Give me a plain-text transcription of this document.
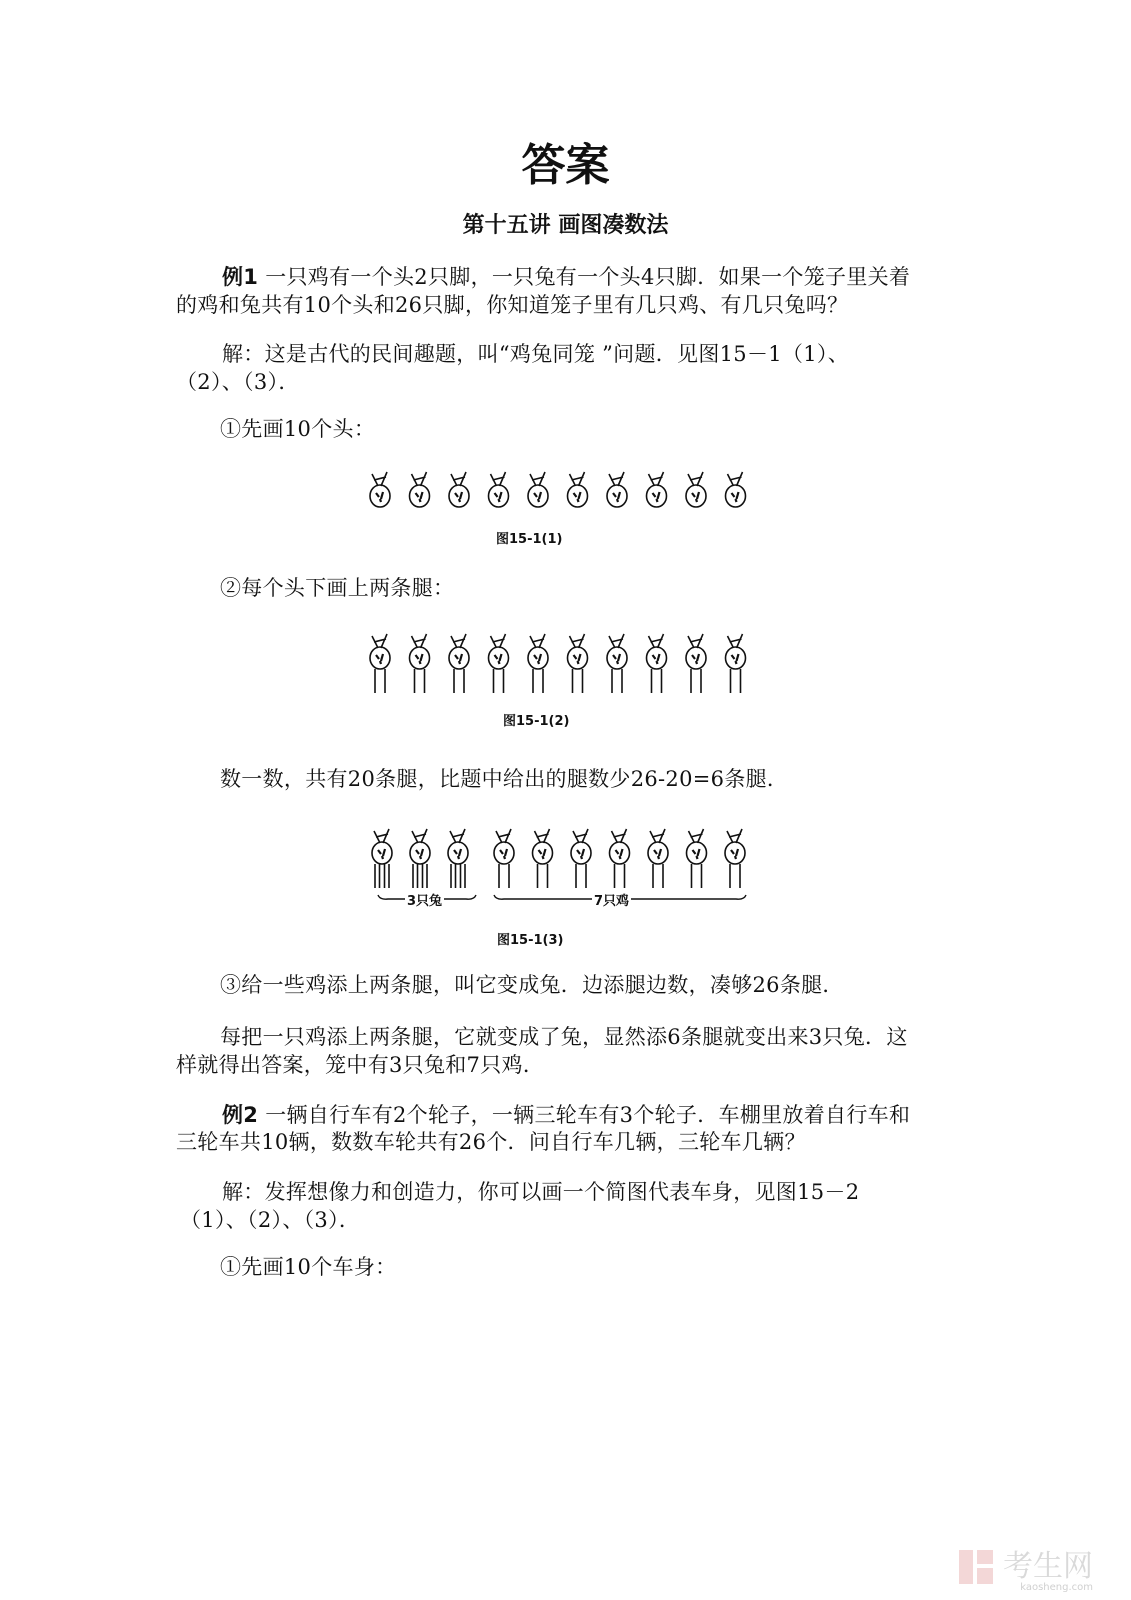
答案
第十五讲 画图凑数法
例1 一只鸡有一个头2只脚，一只兔有一个头4只脚．如果一个笼子里关着
的鸡和兔共有10个头和26只脚，你知道笼子里有几只鸡、有几只兔吗？
解：这是古代的民间趣题，叫“鸡兔同笼 ”问题．见图15－1（1）、
（2）、（3）．
①先画10个头：
图15-1(1)
②每个头下画上两条腿：
图15-1(2)
数一数，共有20条腿，比题中给出的腿数少26-20=6条腿．
3只兔	7只鸡
图15-1(3)
③给一些鸡添上两条腿，叫它变成兔．边添腿边数，凑够26条腿．
每把一只鸡添上两条腿，它就变成了兔，显然添6条腿就变出来3只兔．这
样就得出答案，笼中有3只兔和7只鸡．
例2 一辆自行车有2个轮子，一辆三轮车有3个轮子．车棚里放着自行车和
三轮车共10辆，数数车轮共有26个．问自行车几辆，三轮车几辆？
解：发挥想像力和创造力，你可以画一个简图代表车身，见图15－2
（1）、（2）、（3）．
①先画10个车身：
考生网
kaosheng.com
